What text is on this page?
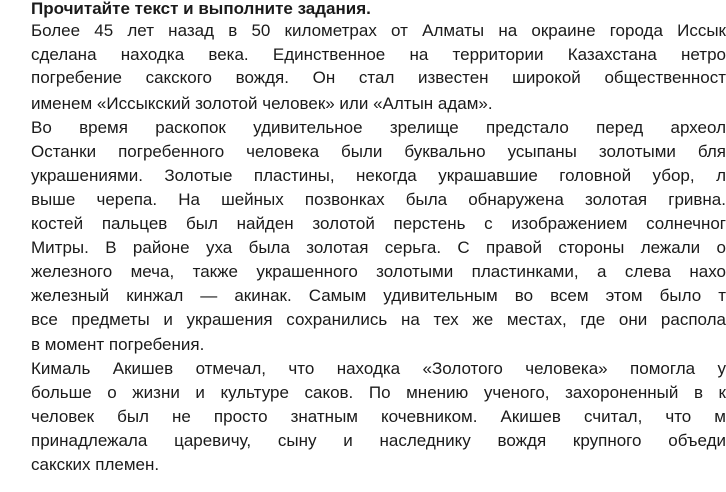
Прочитайте текст и выполните задания.
Более 45 лет назад в 50 километрах от Алматы на окраине города Иссык
сделана находка века. Единственное на территории Казахстана нетро
погребение сакского вождя. Он стал известен широкой общественност
именем «Иссыкский золотой человек» или «Алтын адам».
Во время раскопок удивительное зрелище предстало перед археол
Останки погребенного человека были буквально усыпаны золотыми бля
украшениями. Золотые пластины, некогда украшавшие головной убор, л
выше черепа. На шейных позвонках была обнаружена золотая гривна.
костей пальцев был найден золотой перстень с изображением солнечног
Митры. В районе уха была золотая серьга. С правой стороны лежали о
железного меча, также украшенного золотыми пластинками, а слева нахо
железный кинжал — акинак. Самым удивительным во всем этом было т
все предметы и украшения сохранились на тех же местах, где они распола
в момент погребения.
Кималь Акишев отмечал, что находка «Золотого человека» помогла у
больше о жизни и культуре саков. По мнению ученого, захороненный в к
человек был не просто знатным кочевником. Акишев считал, что м
принадлежала царевичу, сыну и наследнику вождя крупного объеди
сакских племен.
